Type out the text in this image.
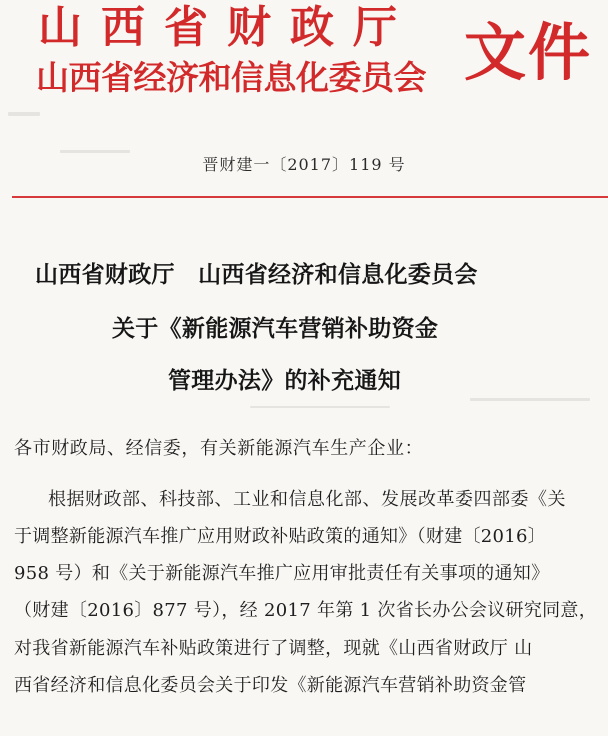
山西省财政厅
山西省经济和信息化委员会 文件
晋财建一〔2017〕119 号
山西省财政厅　山西省经济和信息化委员会
关于《新能源汽车营销补助资金
管理办法》的补充通知
各市财政局、经信委，有关新能源汽车生产企业：
根据财政部、科技部、工业和信息化部、发展改革委四部委《关
于调整新能源汽车推广应用财政补贴政策的通知》（财建〔2016〕
958 号）和《关于新能源汽车推广应用审批责任有关事项的通知》
（财建〔2016〕877 号），经 2017 年第 1 次省长办公会议研究同意，
对我省新能源汽车补贴政策进行了调整，现就《山西省财政厅 山
西省经济和信息化委员会关于印发《新能源汽车营销补助资金管
